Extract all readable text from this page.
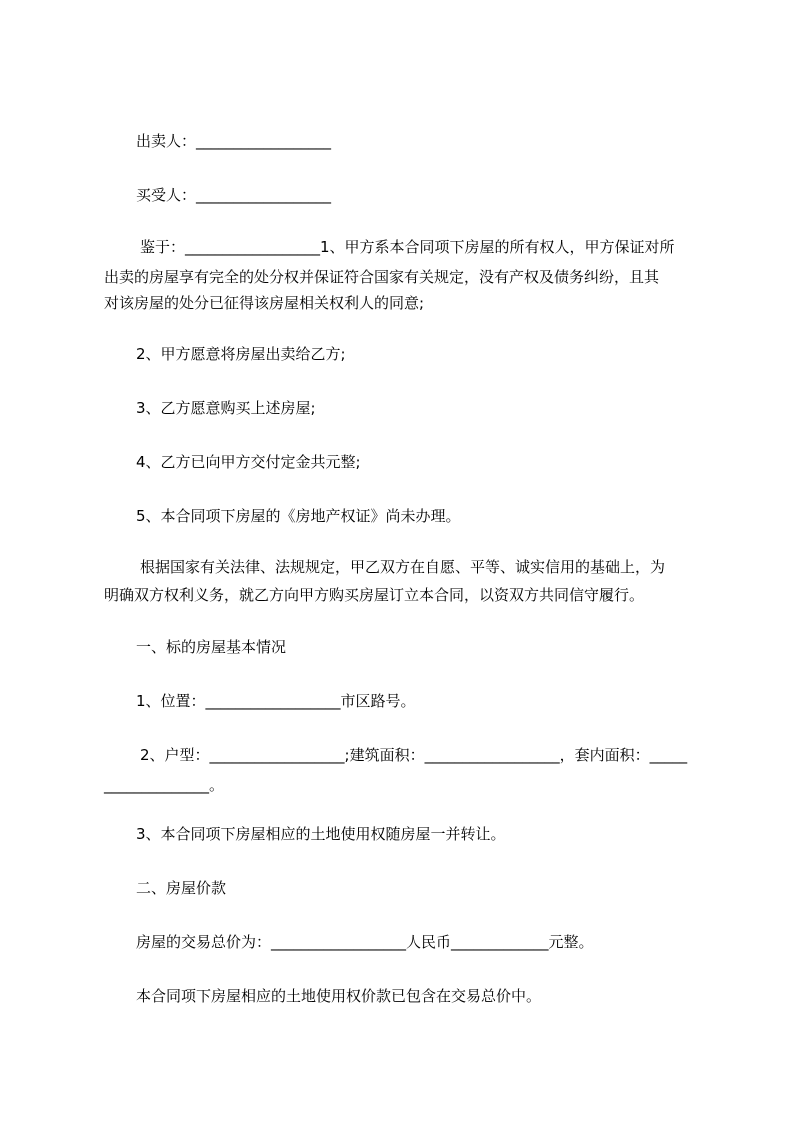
出卖人：__________________
买受人：__________________
鉴于：__________________1、甲方系本合同项下房屋的所有权人，甲方保证对所
出卖的房屋享有完全的处分权并保证符合国家有关规定，没有产权及债务纠纷，且其
对该房屋的处分已征得该房屋相关权利人的同意;
2、甲方愿意将房屋出卖给乙方;
3、乙方愿意购买上述房屋;
4、乙方已向甲方交付定金共元整;
5、本合同项下房屋的《房地产权证》尚未办理。
根据国家有关法律、法规规定，甲乙双方在自愿、平等、诚实信用的基础上，为
明确双方权利义务，就乙方向甲方购买房屋订立本合同，以资双方共同信守履行。
一、标的房屋基本情况
1、位置：__________________市区路号。
2、户型：__________________;建筑面积：__________________，套内面积：_____
______________。
3、本合同项下房屋相应的土地使用权随房屋一并转让。
二、房屋价款
房屋的交易总价为：__________________人民币_____________元整。
本合同项下房屋相应的土地使用权价款已包含在交易总价中。
